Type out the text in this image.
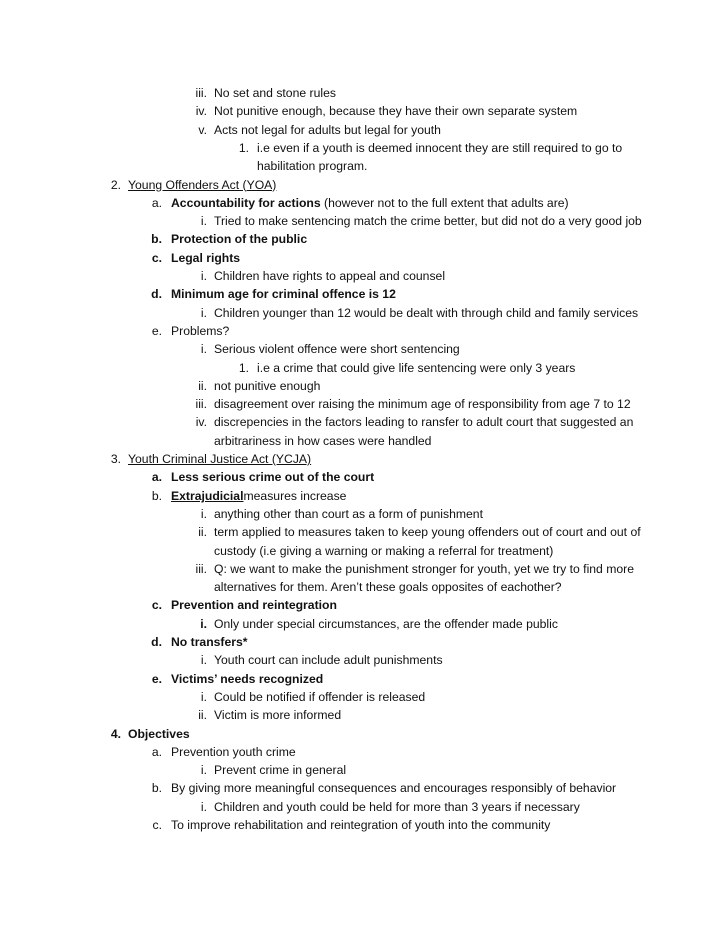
iii. No set and stone rules
iv. Not punitive enough, because they have their own separate system
v. Acts not legal for adults but legal for youth
1. i.e even if a youth is deemed innocent they are still required to go to
habilitation program.
2. Young Offenders Act (YOA)
a. Accountability for actions (however not to the full extent that adults are)
i. Tried to make sentencing match the crime better, but did not do a very good job
b. Protection of the public
c. Legal rights
i. Children have rights to appeal and counsel
d. Minimum age for criminal offence is 12
i. Children younger than 12 would be dealt with through child and family services
e. Problems?
i. Serious violent offence were short sentencing
1. i.e a crime that could give life sentencing were only 3 years
ii. not punitive enough
iii. disagreement over raising the minimum age of responsibility from age 7 to 12
iv. discrepencies in the factors leading to ransfer to adult court that suggested an
arbitrariness in how cases were handled
3. Youth Criminal Justice Act (YCJA)
a. Less serious crime out of the court
b. Extrajudicialmeasures increase
i. anything other than court as a form of punishment
ii. term applied to measures taken to keep young offenders out of court and out of
custody (i.e giving a warning or making a referral for treatment)
iii. Q: we want to make the punishment stronger for youth, yet we try to find more
alternatives for them. Aren’t these goals opposites of eachother?
c. Prevention and reintegration
i. Only under special circumstances, are the offender made public
d. No transfers*
i. Youth court can include adult punishments
e. Victims’ needs recognized
i. Could be notified if offender is released
ii. Victim is more informed
4. Objectives
a. Prevention youth crime
i. Prevent crime in general
b. By giving more meaningful consequences and encourages responsibly of behavior
i. Children and youth could be held for more than 3 years if necessary
c. To improve rehabilitation and reintegration of youth into the community
